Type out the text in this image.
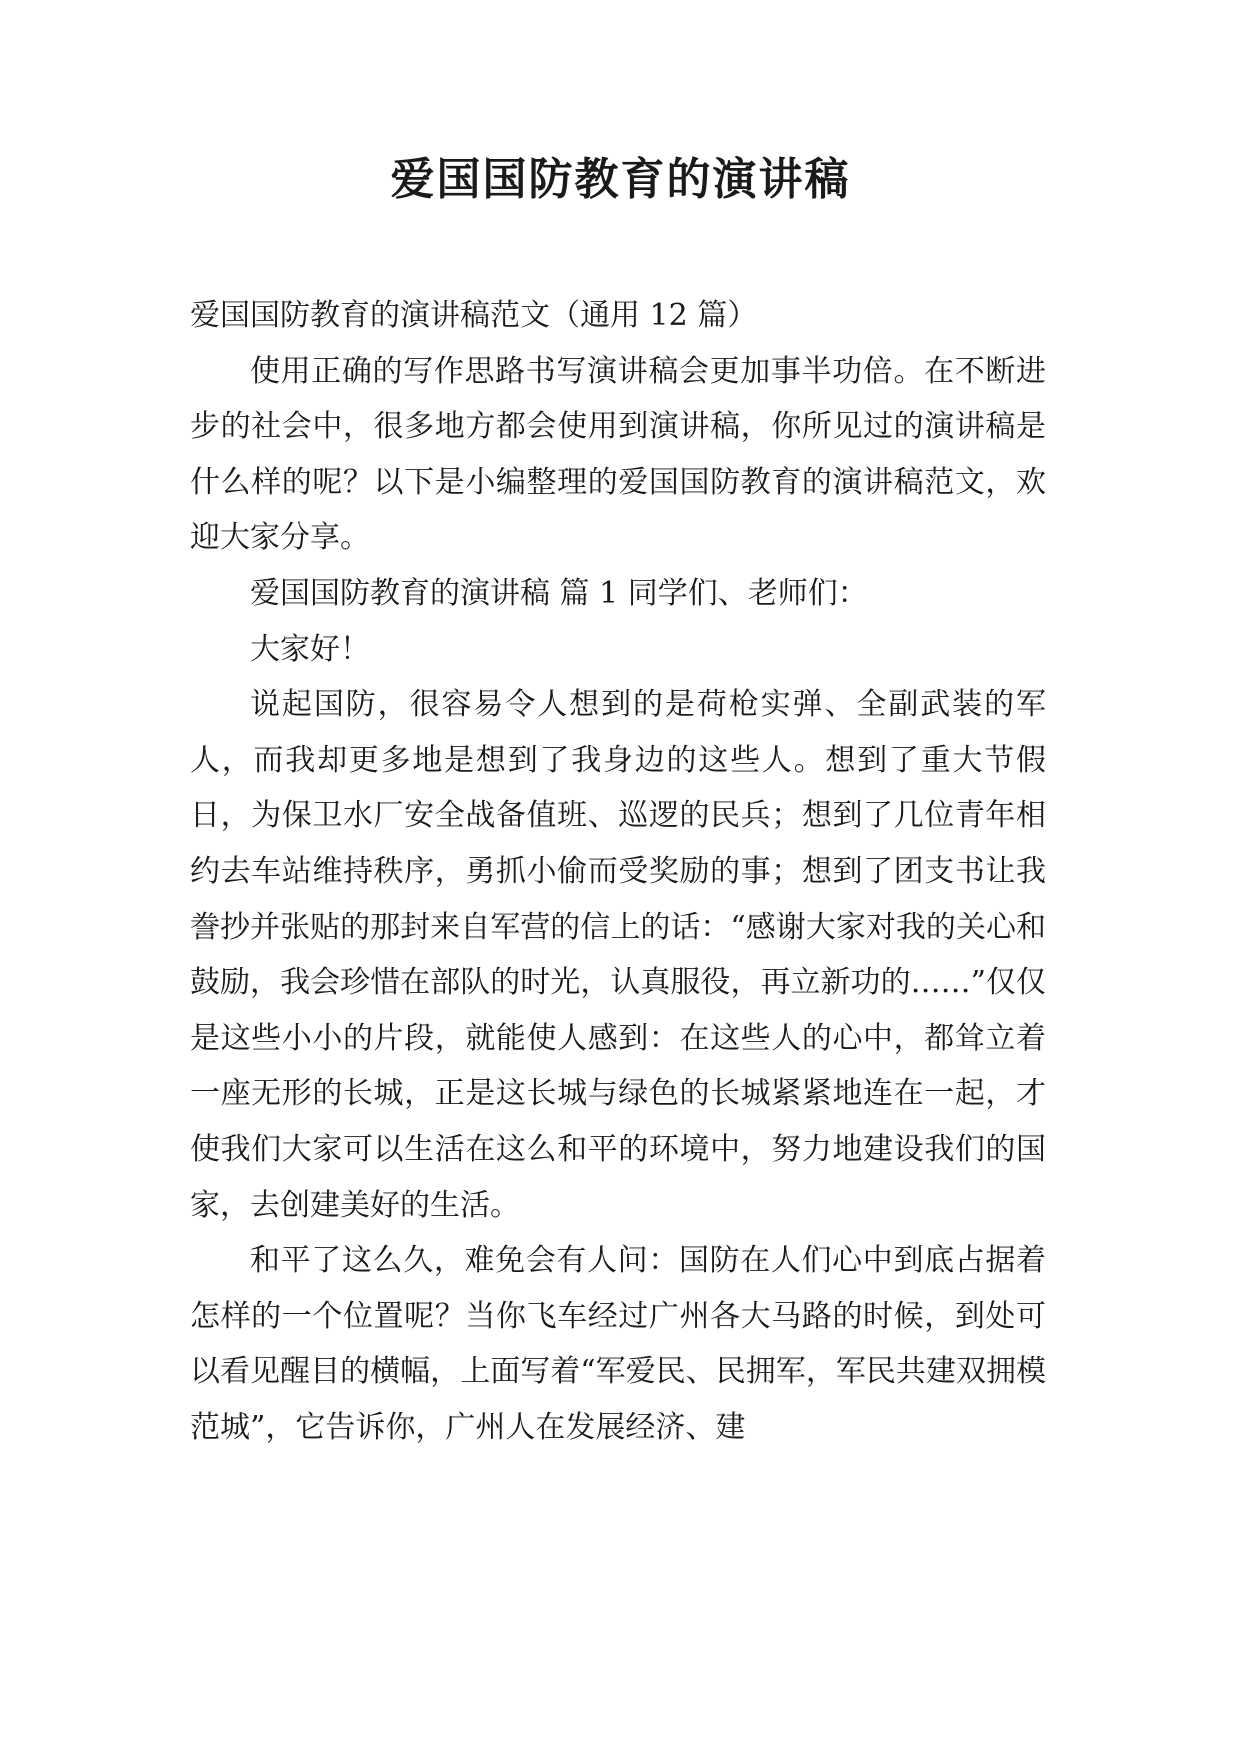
爱国国防教育的演讲稿

爱国国防教育的演讲稿范文（通用 12 篇）

使用正确的写作思路书写演讲稿会更加事半功倍。在不断进步的社会中，很多地方都会使用到演讲稿，你所见过的演讲稿是什么样的呢？以下是小编整理的爱国国防教育的演讲稿范文，欢迎大家分享。

爱国国防教育的演讲稿 篇 1 同学们、老师们：

大家好！

说起国防，很容易令人想到的是荷枪实弹、全副武装的军人，而我却更多地是想到了我身边的这些人。想到了重大节假日，为保卫水厂安全战备值班、巡逻的民兵；想到了几位青年相约去车站维持秩序，勇抓小偷而受奖励的事；想到了团支书让我誊抄并张贴的那封来自军营的信上的话：“感谢大家对我的关心和鼓励，我会珍惜在部队的时光，认真服役，再立新功的……”仅仅是这些小小的片段，就能使人感到：在这些人的心中，都耸立着一座无形的长城，正是这长城与绿色的长城紧紧地连在一起，才使我们大家可以生活在这么和平的环境中，努力地建设我们的国家，去创建美好的生活。

和平了这么久，难免会有人问：国防在人们心中到底占据着怎样的一个位置呢？当你飞车经过广州各大马路的时候，到处可以看见醒目的横幅，上面写着“军爱民、民拥军，军民共建双拥模范城”，它告诉你，广州人在发展经济、建
